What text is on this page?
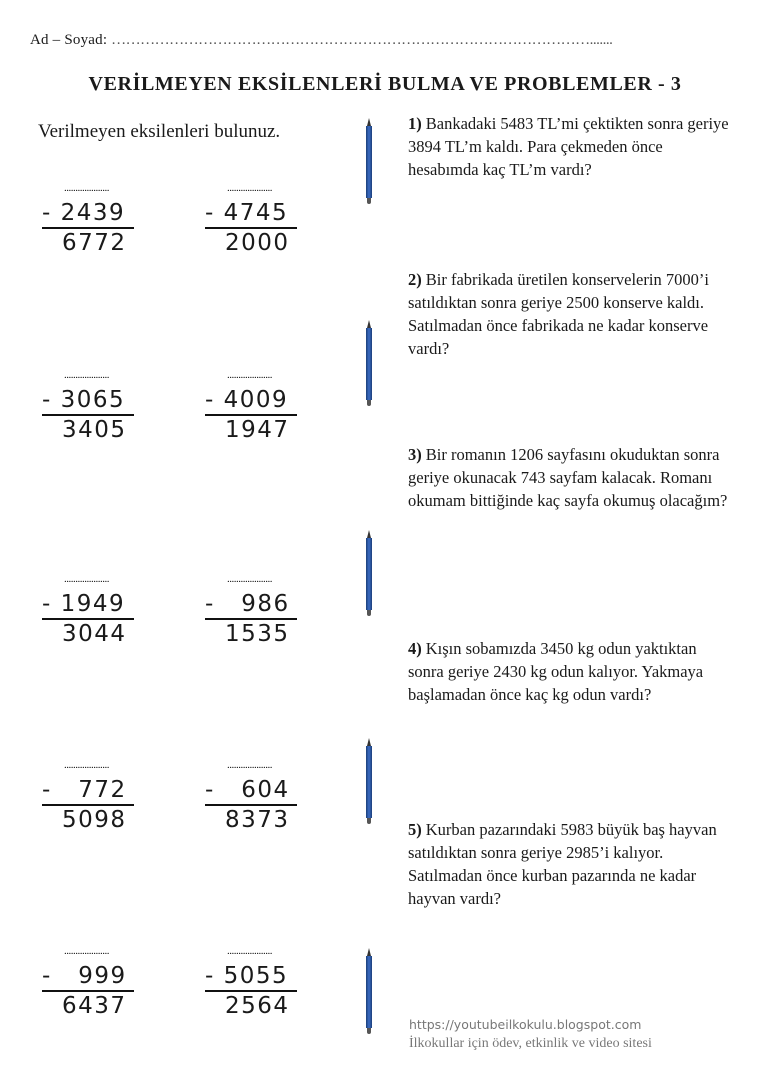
Ad – Soyad: ……………………………………………………………………………………….......
VERİLMEYEN EKSİLENLERİ BULMA VE PROBLEMLER - 3
Verilmeyen eksilenleri bulunuz.
....................
- 2439
6772
....................
- 4745
2000
....................
- 3065
3405
....................
- 4009
1947
....................
- 1949
3044
....................
-   986
1535
....................
-   772
5098
....................
-   604
8373
....................
-   999
6437
....................
- 5055
2564
1) Bankadaki 5483 TL’mi çektikten sonra geriye 3894 TL’m kaldı. Para çekmeden önce hesabımda kaç TL’m vardı?
2) Bir fabrikada üretilen konservelerin 7000’i satıldıktan sonra geriye 2500 konserve kaldı. Satılmadan önce fabrikada ne kadar konserve vardı?
3) Bir romanın 1206 sayfasını okuduktan sonra geriye okunacak 743 sayfam kalacak. Romanı okumam bittiğinde kaç sayfa okumuş olacağım?
4) Kışın sobamızda 3450 kg odun yaktıktan sonra geriye 2430 kg odun kalıyor. Yakmaya başlamadan önce kaç kg odun vardı?
5) Kurban pazarındaki 5983 büyük baş hayvan satıldıktan sonra geriye 2985’i kalıyor. Satılmadan önce kurban pazarında ne kadar hayvan vardı?
https://youtubeilkokulu.blogspot.com
İlkokullar için ödev, etkinlik ve video sitesi
